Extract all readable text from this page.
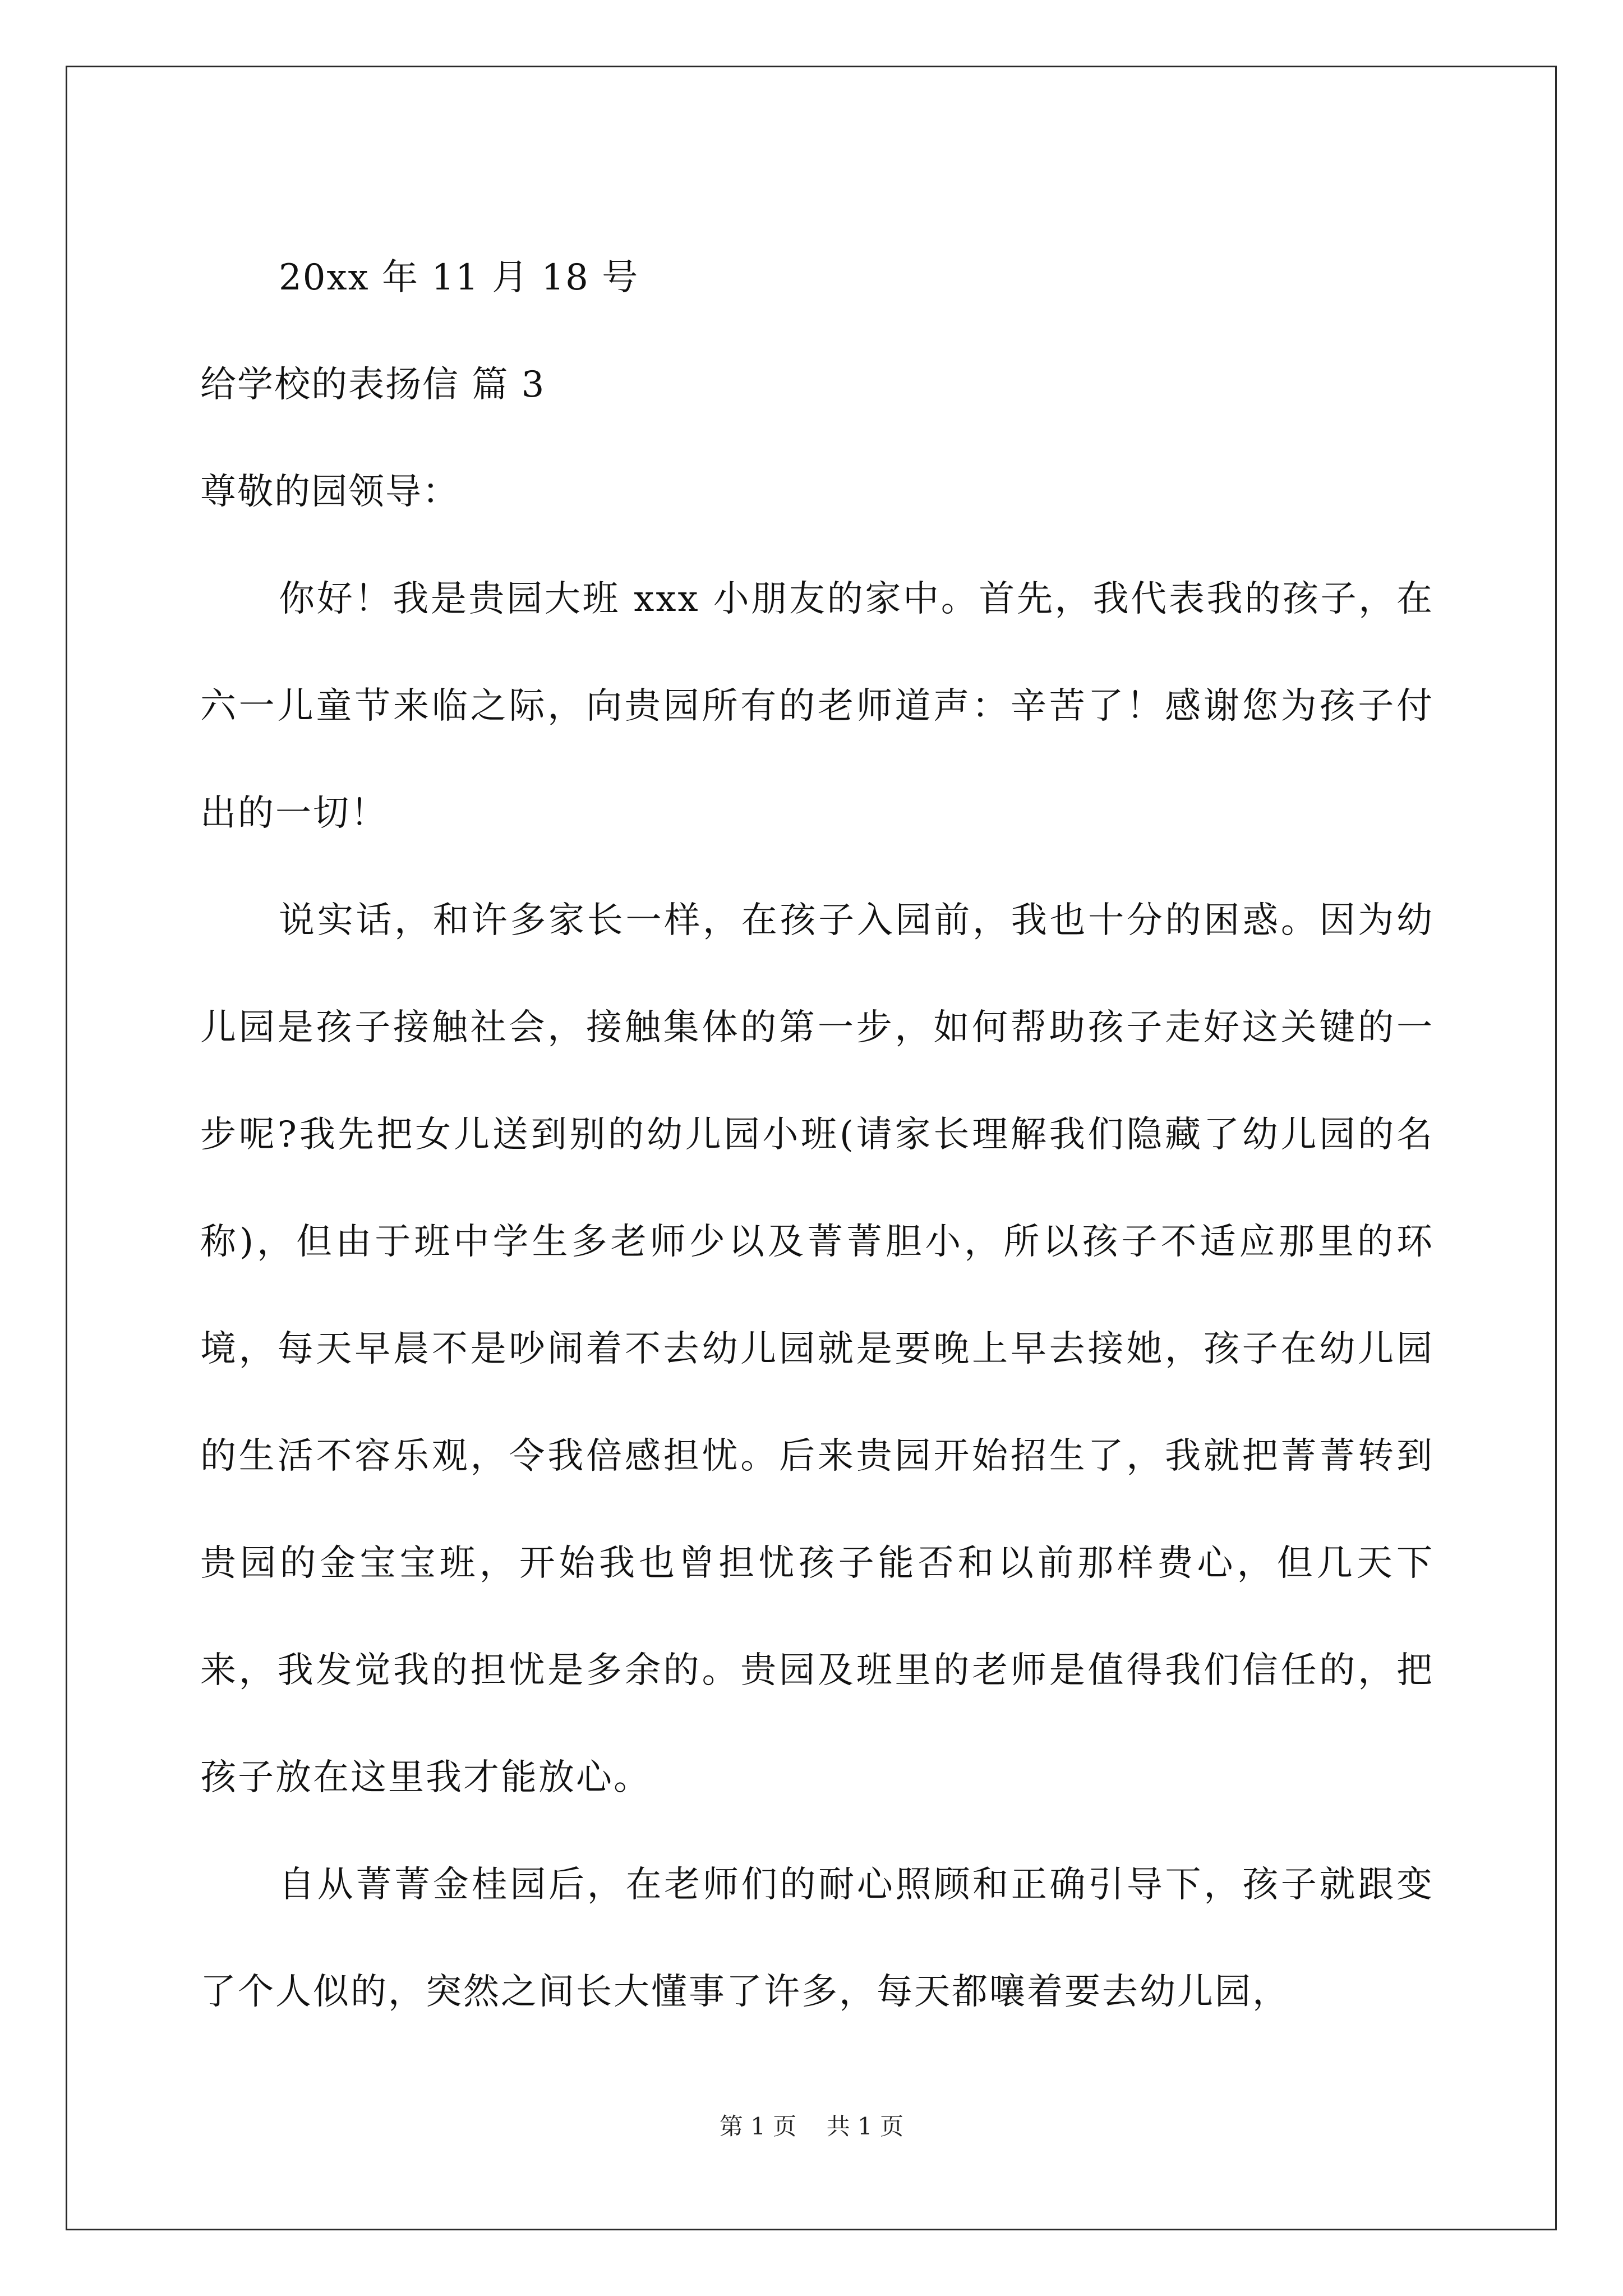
20xx 年 11 月 18 号

给学校的表扬信 篇 3

尊敬的园领导：

你好！我是贵园大班 xxx 小朋友的家中。首先，我代表我的孩子，在六一儿童节来临之际，向贵园所有的老师道声：辛苦了！感谢您为孩子付出的一切！

说实话，和许多家长一样，在孩子入园前，我也十分的困惑。因为幼儿园是孩子接触社会，接触集体的第一步，如何帮助孩子走好这关键的一步呢?我先把女儿送到别的幼儿园小班(请家长理解我们隐藏了幼儿园的名称)，但由于班中学生多老师少以及菁菁胆小，所以孩子不适应那里的环境，每天早晨不是吵闹着不去幼儿园就是要晚上早去接她，孩子在幼儿园的生活不容乐观，令我倍感担忧。后来贵园开始招生了，我就把菁菁转到贵园的金宝宝班，开始我也曾担忧孩子能否和以前那样费心，但几天下来，我发觉我的担忧是多余的。贵园及班里的老师是值得我们信任的，把孩子放在这里我才能放心。

自从菁菁金桂园后，在老师们的耐心照顾和正确引导下，孩子就跟变了个人似的，突然之间长大懂事了许多，每天都嚷着要去幼儿园，

第 1 页    共 1 页
